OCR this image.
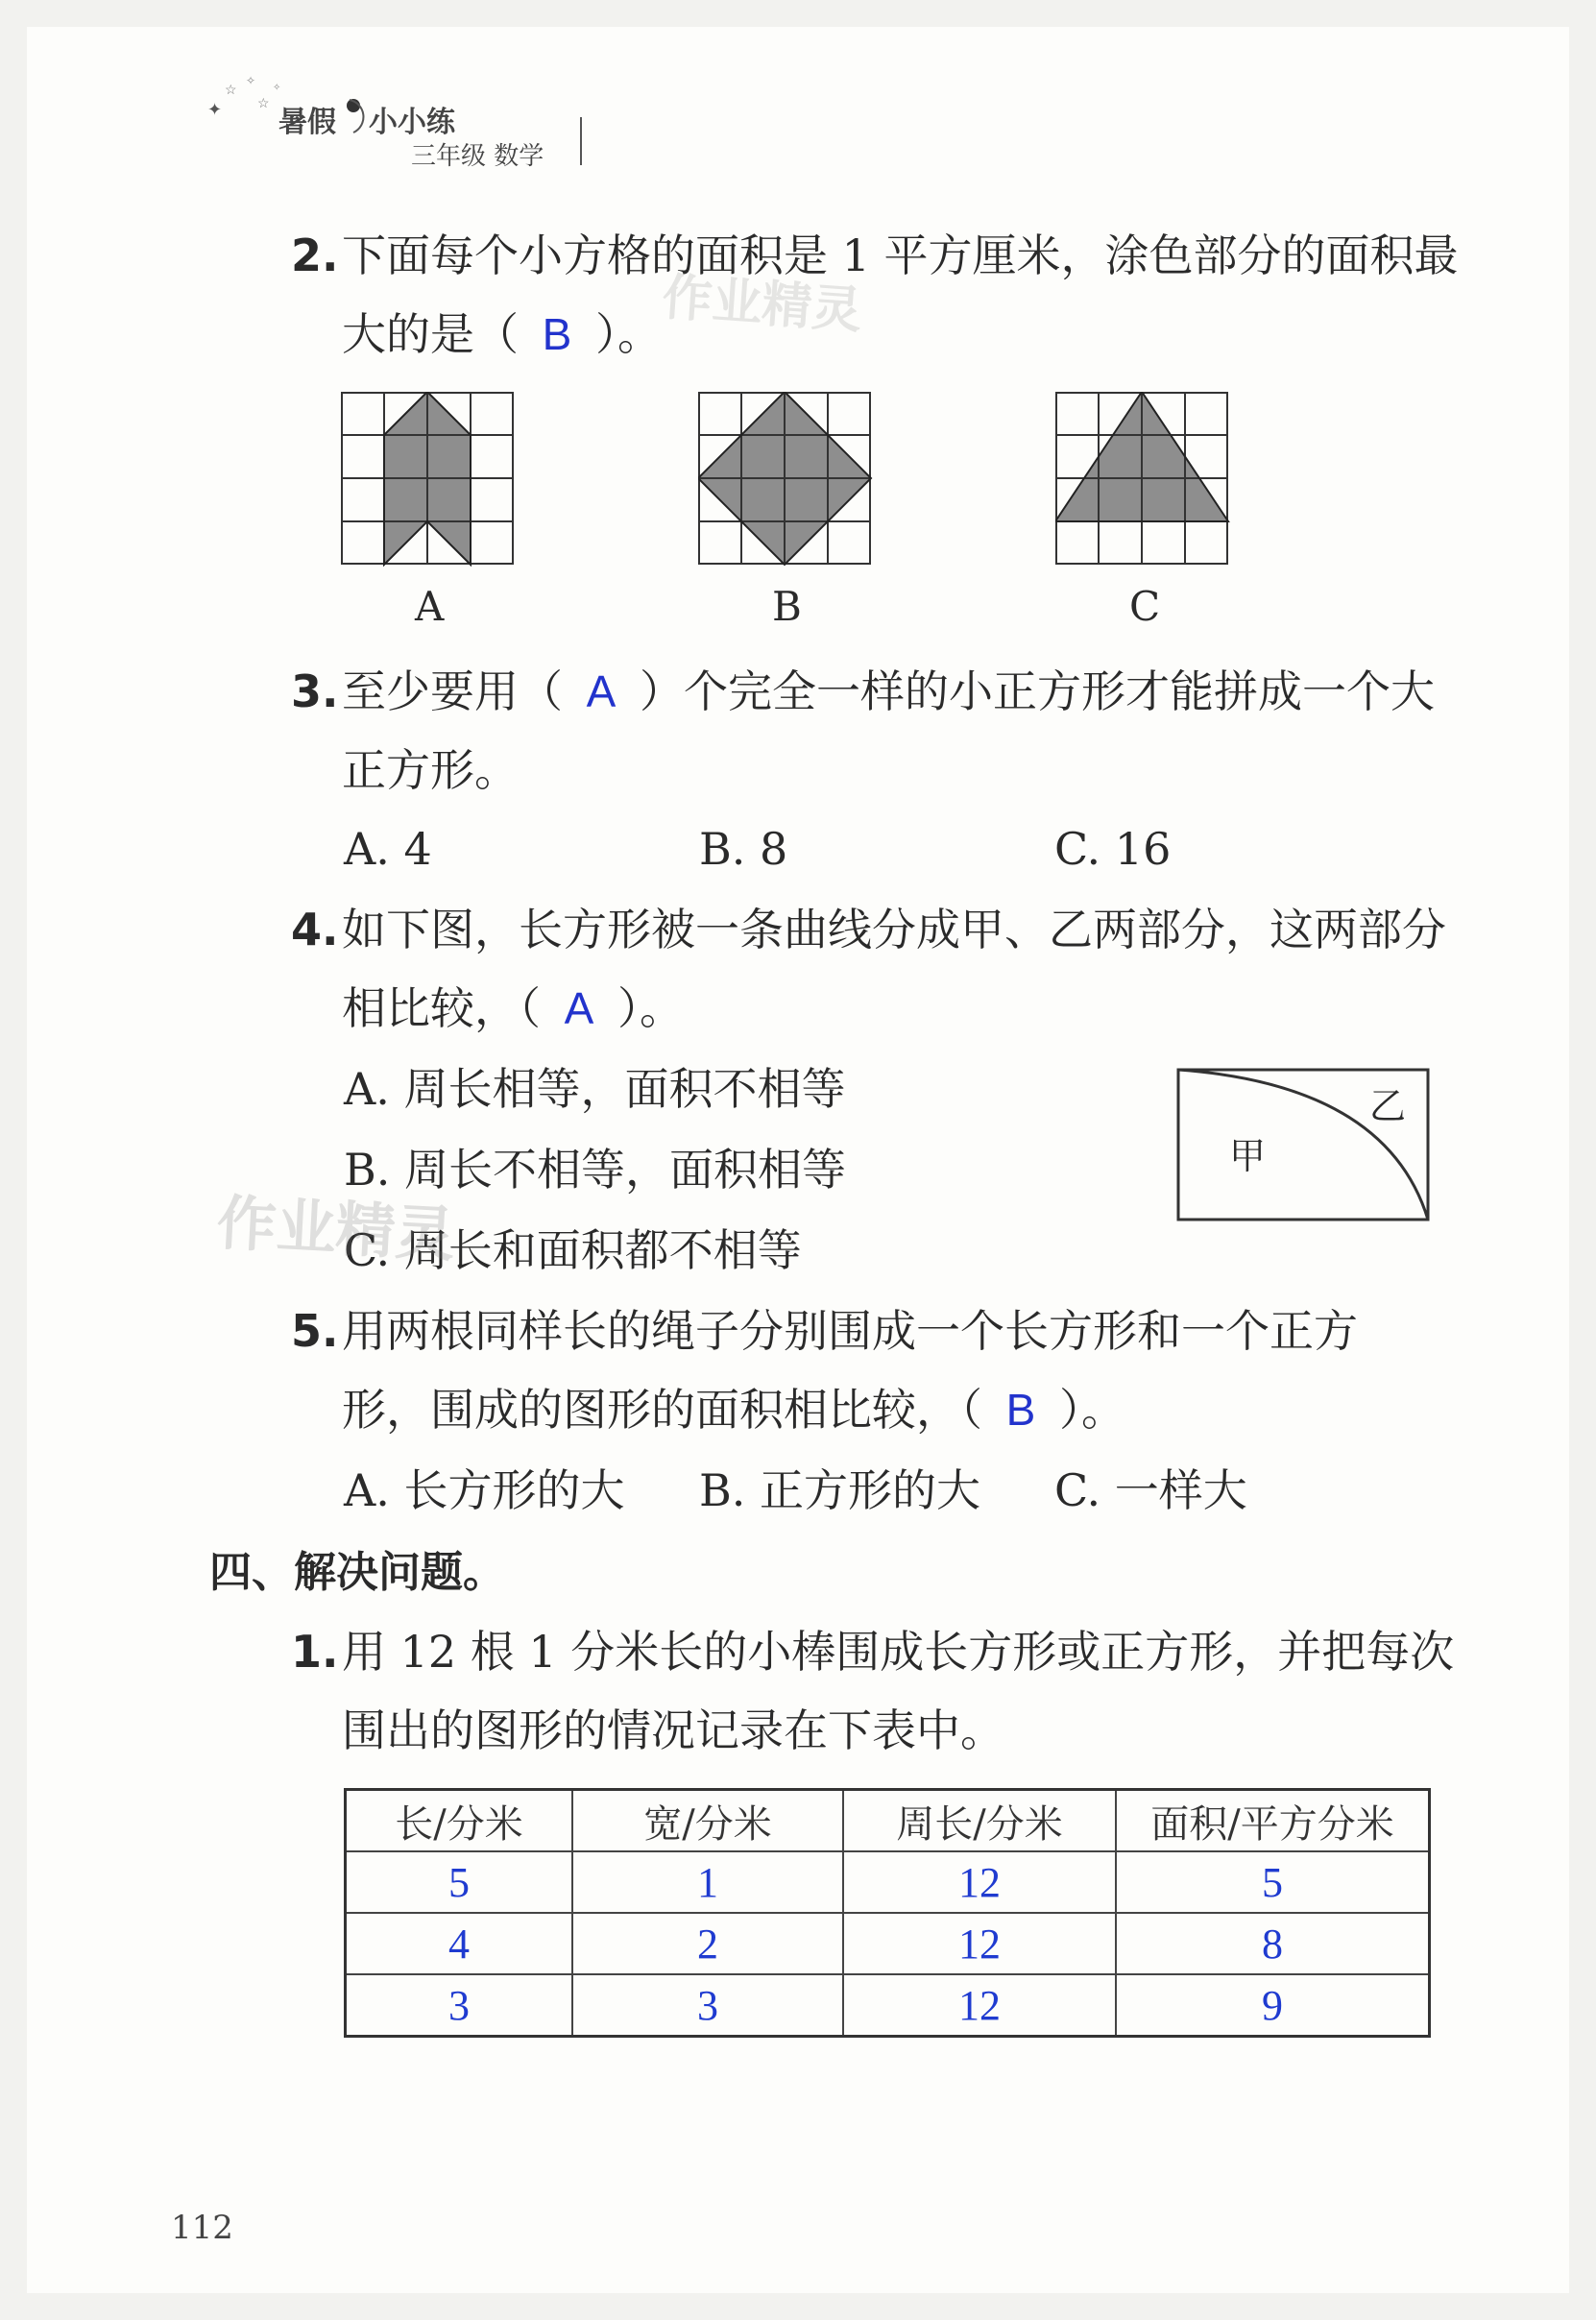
✦
☆
✧
☆
✧
暑假 小小练
三年级 数学
2. 下面每个小方格的面积是 1 平方厘米，涂色部分的面积最
大的是（ B ）。
A	B	C
3. 至少要用（ A ）个完全一样的小正方形才能拼成一个大
正方形。
A. 4	B. 8	C. 16
4. 如下图，长方形被一条曲线分成甲、乙两部分，这两部分
相比较，（ A ）。
A. 周长相等，面积不相等
B. 周长不相等，面积相等
C. 周长和面积都不相等
甲
乙
5. 用两根同样长的绳子分别围成一个长方形和一个正方
形，围成的图形的面积相比较，（ B ）。
A. 长方形的大 B. 正方形的大 C. 一样大
四、解决问题。
1. 用 12 根 1 分米长的小棒围成长方形或正方形，并把每次
围出的图形的情况记录在下表中。
长/分米	宽/分米	周长/分米	面积/平方分米
5	1	12	5
4	2	12	8
3	3	12	9
作业精灵
作业精灵
112
